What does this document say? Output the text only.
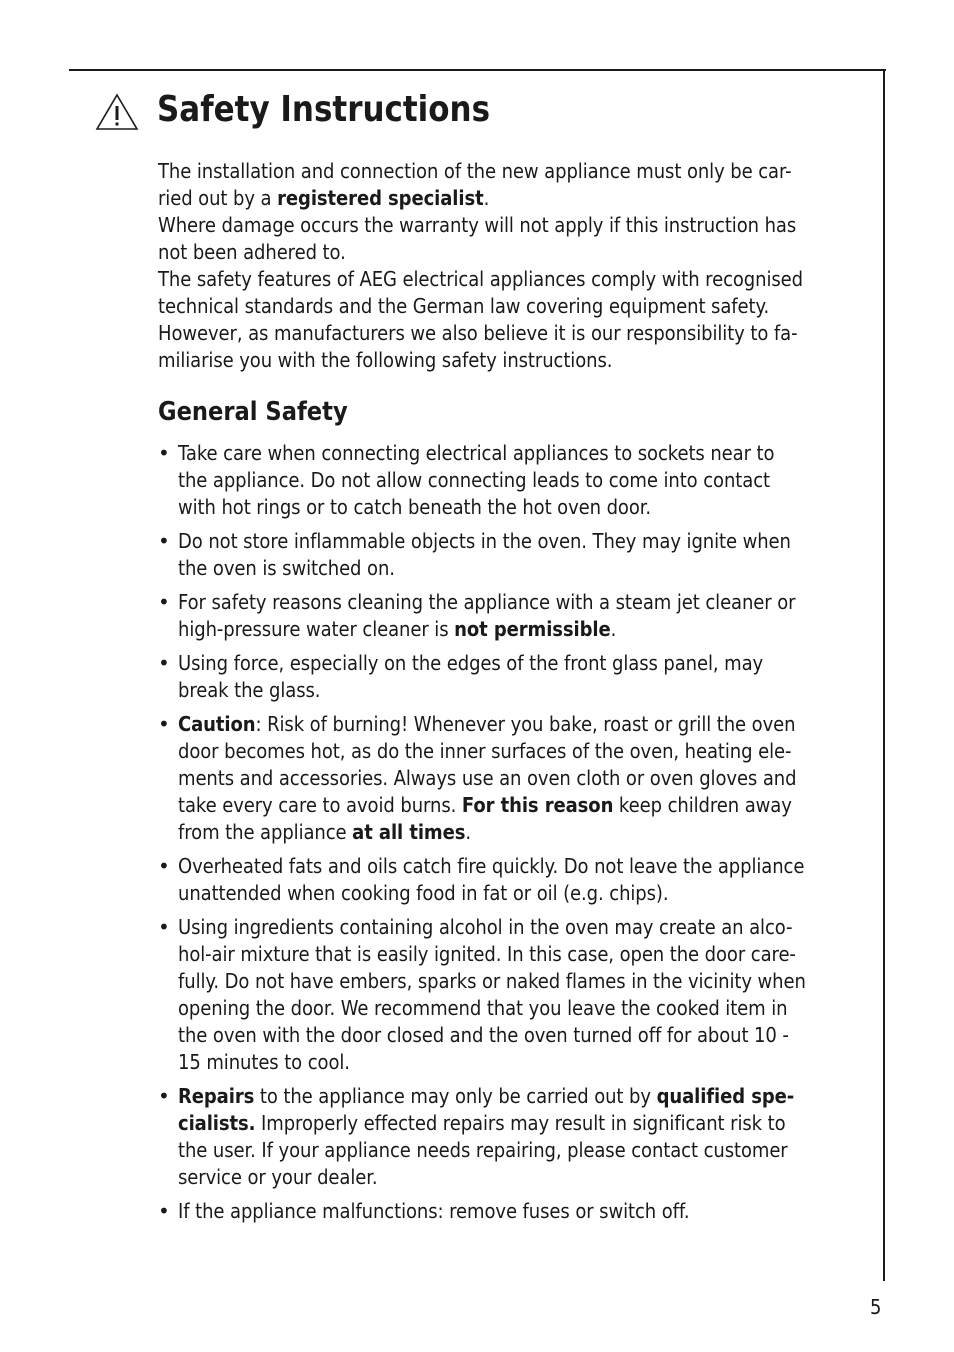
Safety Instructions
The installation and connection of the new appliance must only be car-
ried out by a registered specialist.
Where damage occurs the warranty will not apply if this instruction has
not been adhered to.
The safety features of AEG electrical appliances comply with recognised
technical standards and the German law covering equipment safety.
However, as manufacturers we also believe it is our responsibility to fa-
miliarise you with the following safety instructions.
General Safety
• Take care when connecting electrical appliances to sockets near to
the appliance. Do not allow connecting leads to come into contact
with hot rings or to catch beneath the hot oven door.
• Do not store inflammable objects in the oven. They may ignite when
the oven is switched on.
• For safety reasons cleaning the appliance with a steam jet cleaner or
high-pressure water cleaner is not permissible.
• Using force, especially on the edges of the front glass panel, may
break the glass.
• Caution: Risk of burning! Whenever you bake, roast or grill the oven
door becomes hot, as do the inner surfaces of the oven, heating ele-
ments and accessories. Always use an oven cloth or oven gloves and
take every care to avoid burns. For this reason keep children away
from the appliance at all times.
• Overheated fats and oils catch fire quickly. Do not leave the appliance
unattended when cooking food in fat or oil (e.g. chips).
• Using ingredients containing alcohol in the oven may create an alco-
hol-air mixture that is easily ignited. In this case, open the door care-
fully. Do not have embers, sparks or naked flames in the vicinity when
opening the door. We recommend that you leave the cooked item in
the oven with the door closed and the oven turned off for about 10 -
15 minutes to cool.
• Repairs to the appliance may only be carried out by qualified spe-
cialists. Improperly effected repairs may result in significant risk to
the user. If your appliance needs repairing, please contact customer
service or your dealer.
• If the appliance malfunctions: remove fuses or switch off.
5
